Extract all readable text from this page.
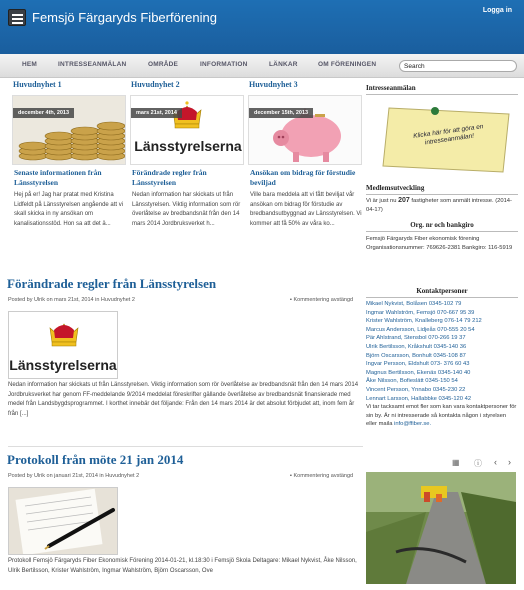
Femsjö Färgaryds Fiberförening	Logga in
HEM	INTRESSEANMÄLAN	OMRÅDE	INFORMATION	LÄNKAR	OM FÖRENINGEN	Search
Huvudnyhet 1
december 4th, 2013
Senaste informationen från Länsstyrelsen
Hej på er! Jag har pratat med Kristina Lidfeldt på Länsstyrelsen angående att vi skall skicka in ny ansökan om kanalisationsstöd. Hon sa att det ä...
Huvudnyhet 2
mars 21st, 2014
Länsstyrelserna
Förändrade regler från Länsstyrelsen
Nedan information har skickats ut från Länsstyrelsen. Viktig information som rör överlåtelse av bredbandsnät från den 14 mars 2014 Jordbruksverket h...
Huvudnyhet 3
december 15th, 2013
Ansökan om bidrag för förstudie beviljad
Ville bara meddela att vi fått beviljat vår ansökan om bidrag för förstudie av bredbandsutbyggnad av Länsstyrelsen. Vi kommer att få 50% av våra ko...
Förändrade regler från Länsstyrelsen
Posted by Ulrik on mars 21st, 2014 in Huvudnyhet 2	▪ Kommentering avstängd
Länsstyrelserna
Nedan information har skickats ut från Länsstyrelsen. Viktig information som rör överlåtelse av bredbandsnät från den 14 mars 2014 Jordbruksverket har genom FF-meddelande 9/2014 meddelat föreskrifter gällande överlåtelse av bredbandsnät finansierade med medel från Landsbygdsprogrammet. I korthet innebär det följande: Från den 14 mars 2014 är det absolut förbjudet att, inom fem år från [...]
Protokoll från möte 21 jan 2014
Posted by Ulrik on januari 21st, 2014 in Huvudnyhet 2	▪ Kommentering avstängd
Protokoll Femsjö Färgaryds Fiber Ekonomisk Förening 2014-01-21, kl.18:30 i Femsjö Skola Deltagare: Mikael Nykvist, Åke Nilsson, Ulrik Bertilsson, Krister Wahlström, Ingmar Wahlström, Björn Oscarsson, Ove
Intresseanmälan
Klicka här för att göra en intresseanmälan!
Medlemsutveckling
Vi är just nu 207 fastigheter som anmält intresse. (2014-04-17)
Org. nr och bankgiro
Femsjö Färgaryds Fiber ekonomisk förening Organisationsnummer: 769626-2381 Bankgiro: 116-5919
Kontaktpersoner
Mikael Nykvist, Bolåsen 0345-102 79
Ingmar Wahlström, Femsjö 070-667 95 39
Krister Wahlström, Knalleberg 076-14 79 212
Marcus Andersson, Lidjeås 070-555 20 54
Pär Ahlstrand, Stensbol 070-266 19 37
Ulrik Bertilsson, Kråkshult 0345-140 36
Björn Oscarsson, Bonhult 0345-108 87
Ingvar Persson, Eldshult 073- 376 60 43
Magnus Bertilsson, Ekenäs 0345-140 40
Åke Nilsson, Bofieslätt 0345-150 54
Vincent Persson, Ynnabo 0345-230 22
Lennart Larsson, Hallabbke 0345-120 42
Vi tar tacksamt emot fler som kan vara kontaktpersoner för sin by. Är ni intresserade så kontakta någon i styrelsen eller maila info@ffiber.se.
▦ ⓘ ‹ ›
